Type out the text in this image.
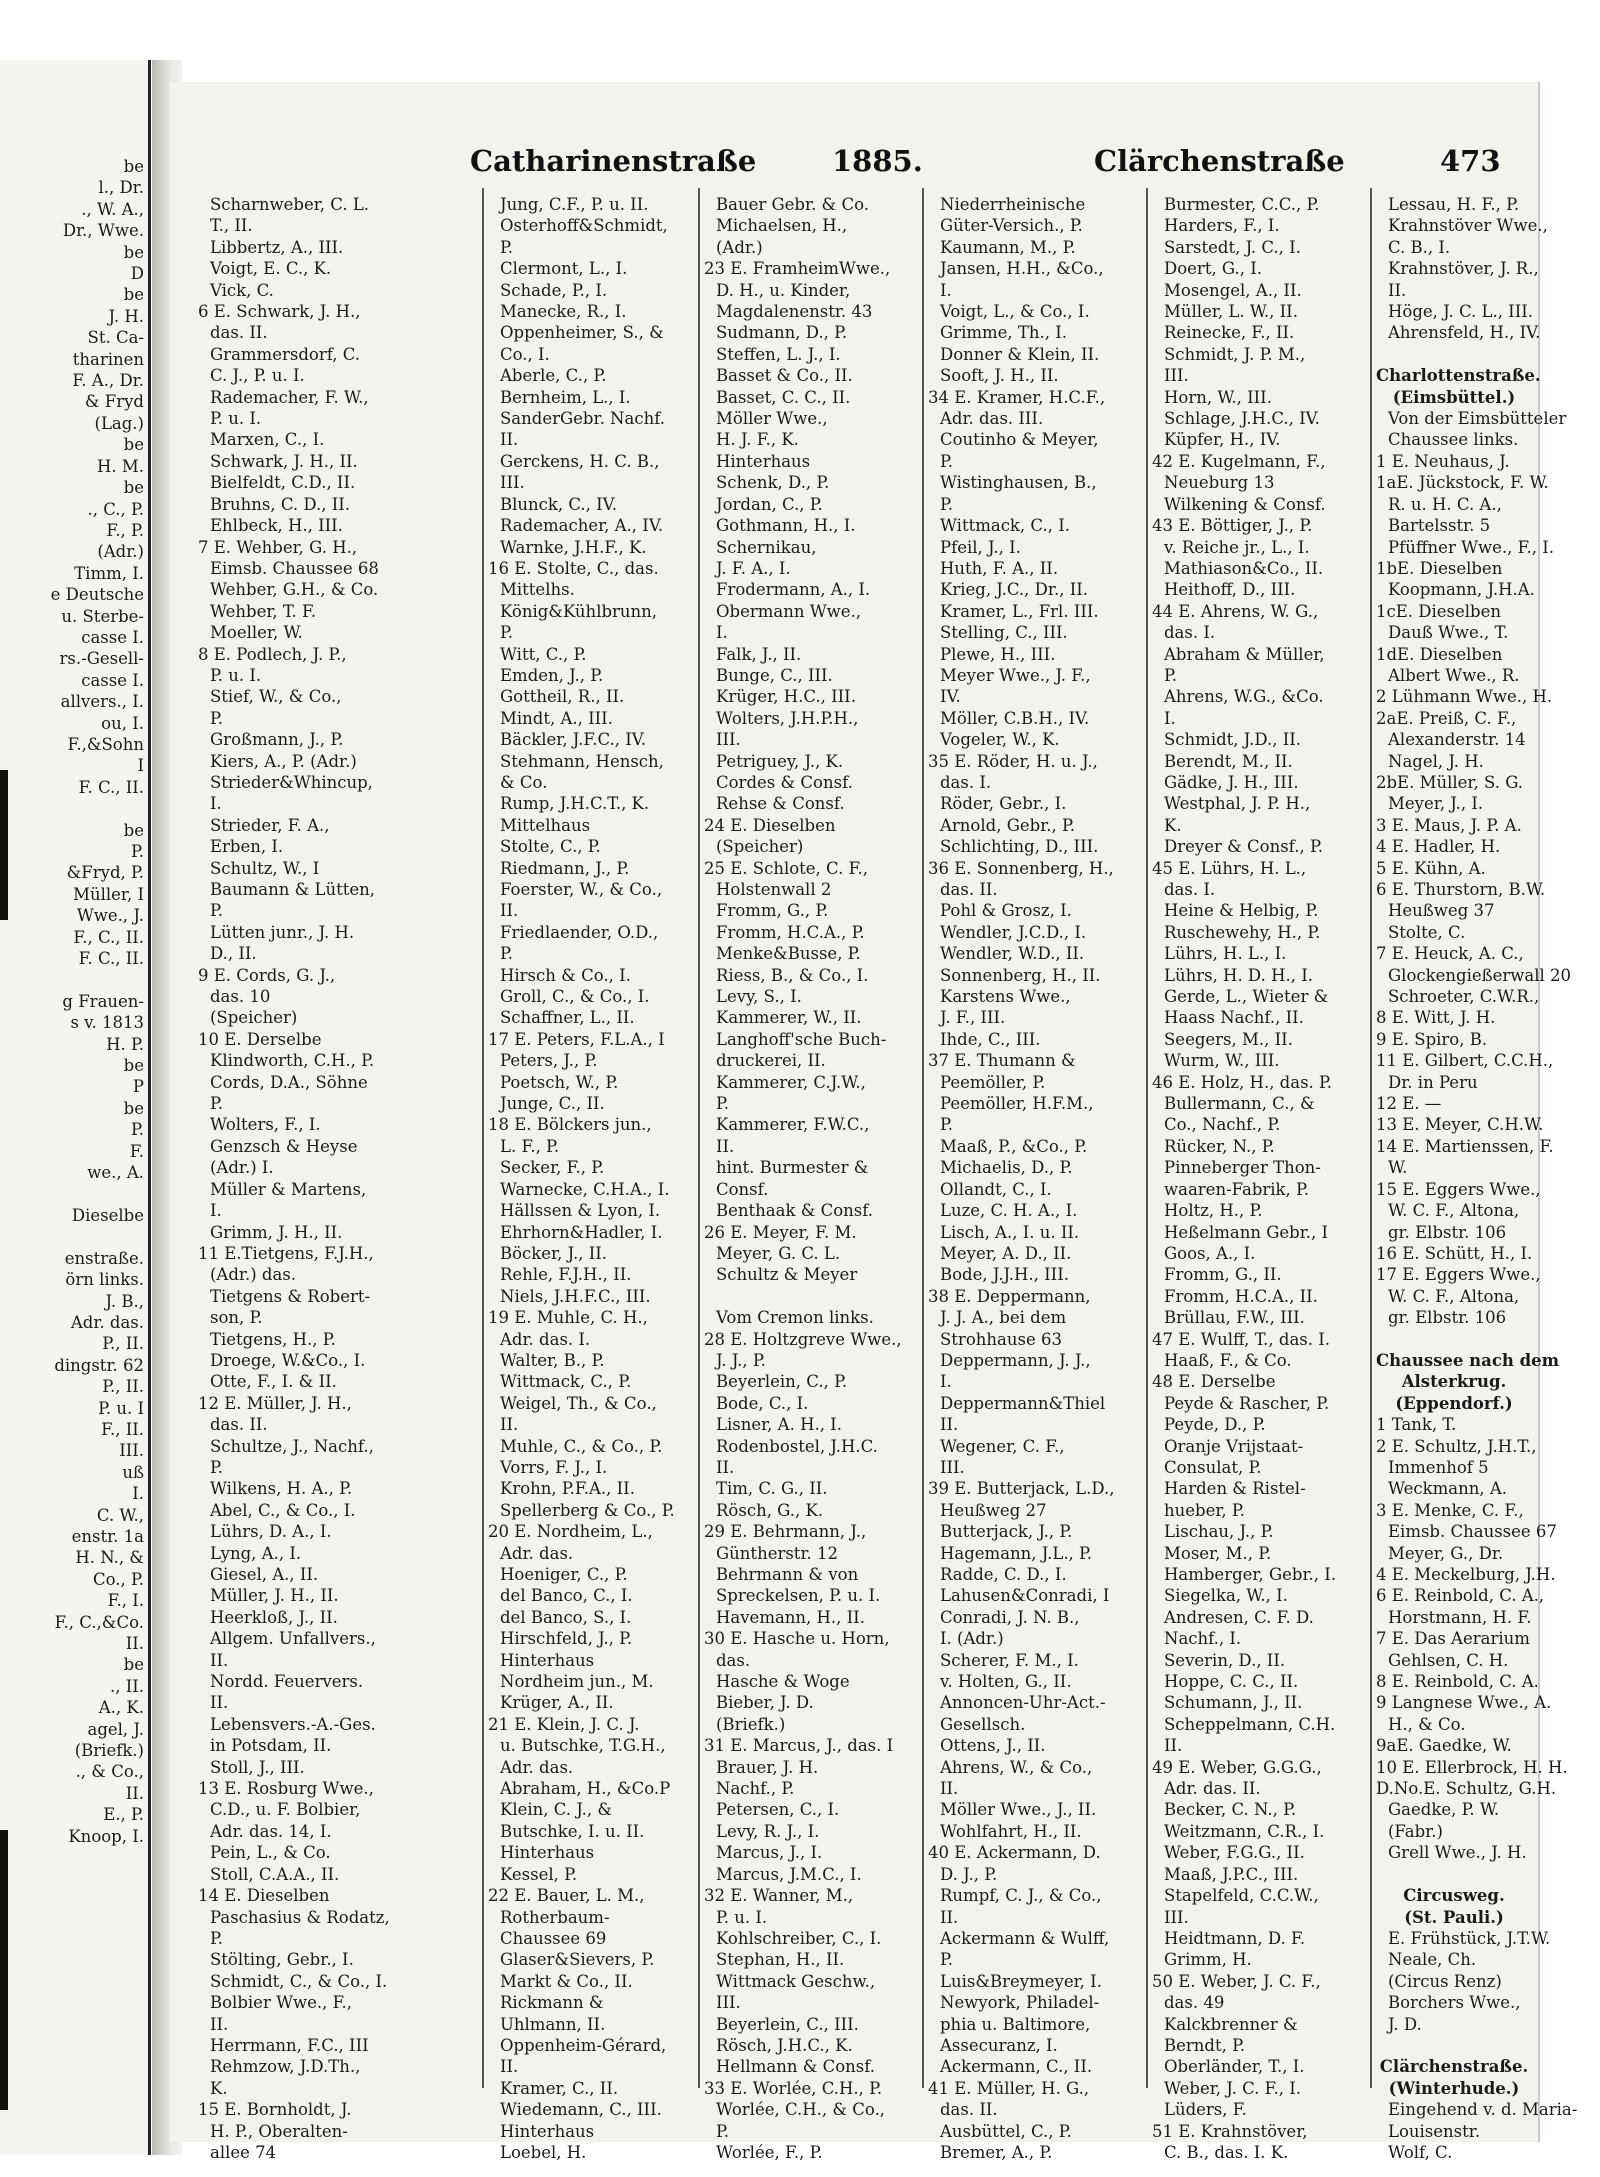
be
l., Dr.
., W. A.,
Dr., Wwe.
be
D
be
J. H.
St. Ca-
tharinen
F. A., Dr.
& Fryd
(Lag.)
be
H. M.
be
., C., P.
F., P.
(Adr.)
Timm, I.
e Deutsche
u. Sterbe-
casse I.
rs.-Gesell-
casse I.
allvers., I.
ou, I.
F.,&Sohn
I
F. C., II.

be
P.
&Fryd, P.
Müller, I
Wwe., J.
F., C., II.
F. C., II.

g Frauen-
s v. 1813
H. P.
be
P
be
P.
F.
we., A.

Dieselbe

enstraße.
örn links.
J. B.,
Adr. das.
P., II.
dingstr. 62
P., II.
P. u. I
F., II.
III.
uß
I.
C. W.,
enstr. 1a
H. N., &
Co., P.
F., I.
F., C.,&Co.
II.
be
., II.
A., K.
agel, J.
(Briefk.)
., & Co.,
II.
E., P.
Knoop, I.
Catharinenstraße	1885.	Clärchenstraße	473
Scharnweber, C. L.
T., II.
Libbertz, A., III.
Voigt, E. C., K.
Vick, C.
6 E. Schwark, J. H.,
das. II.
Grammersdorf, C.
C. J., P. u. I.
Rademacher, F. W.,
P. u. I.
Marxen, C., I.
Schwark, J. H., II.
Bielfeldt, C.D., II.
Bruhns, C. D., II.
Ehlbeck, H., III.
7 E. Wehber, G. H.,
Eimsb. Chaussee 68
Wehber, G.H., & Co.
Wehber, T. F.
Moeller, W.
8 E. Podlech, J. P.,
P. u. I.
Stief, W., & Co.,
P.
Großmann, J., P.
Kiers, A., P. (Adr.)
Strieder&Whincup,
I.
Strieder, F. A.,
Erben, I.
Schultz, W., I
Baumann & Lütten,
P.
Lütten junr., J. H.
D., II.
9 E. Cords, G. J.,
das. 10
(Speicher)
10 E. Derselbe
Klindworth, C.H., P.
Cords, D.A., Söhne
P.
Wolters, F., I.
Genzsch & Heyse
(Adr.) I.
Müller & Martens,
I.
Grimm, J. H., II.
11 E.Tietgens, F.J.H.,
(Adr.) das.
Tietgens & Robert-
son, P.
Tietgens, H., P.
Droege, W.&Co., I.
Otte, F., I. & II.
12 E. Müller, J. H.,
das. II.
Schultze, J., Nachf.,
P.
Wilkens, H. A., P.
Abel, C., & Co., I.
Lührs, D. A., I.
Lyng, A., I.
Giesel, A., II.
Müller, J. H., II.
Heerkloß, J., II.
Allgem. Unfallvers.,
II.
Nordd. Feuervers.
II.
Lebensvers.-A.-Ges.
in Potsdam, II.
Stoll, J., III.
13 E. Rosburg Wwe.,
C.D., u. F. Bolbier,
Adr. das. 14, I.
Pein, L., & Co.
Stoll, C.A.A., II.
14 E. Dieselben
Paschasius & Rodatz,
P.
Stölting, Gebr., I.
Schmidt, C., & Co., I.
Bolbier Wwe., F.,
II.
Herrmann, F.C., III
Rehmzow, J.D.Th.,
K.
15 E. Bornholdt, J.
H. P., Oberalten-
allee 74
Jung, C.F., P. u. II.
Osterhoff&Schmidt,
P.
Clermont, L., I.
Schade, P., I.
Manecke, R., I.
Oppenheimer, S., &
Co., I.
Aberle, C., P.
Bernheim, L., I.
SanderGebr. Nachf.
II.
Gerckens, H. C. B.,
III.
Blunck, C., IV.
Rademacher, A., IV.
Warnke, J.H.F., K.
16 E. Stolte, C., das.
Mittelhs.
König&Kühlbrunn,
P.
Witt, C., P.
Emden, J., P.
Gottheil, R., II.
Mindt, A., III.
Bäckler, J.F.C., IV.
Stehmann, Hensch,
& Co.
Rump, J.H.C.T., K.
Mittelhaus
Stolte, C., P.
Riedmann, J., P.
Foerster, W., & Co.,
II.
Friedlaender, O.D.,
P.
Hirsch & Co., I.
Groll, C., & Co., I.
Schaffner, L., II.
17 E. Peters, F.L.A., I
Peters, J., P.
Poetsch, W., P.
Junge, C., II.
18 E. Bölckers jun.,
L. F., P.
Secker, F., P.
Warnecke, C.H.A., I.
Hällssen & Lyon, I.
Ehrhorn&Hadler, I.
Böcker, J., II.
Rehle, F.J.H., II.
Niels, J.H.F.C., III.
19 E. Muhle, C. H.,
Adr. das. I.
Walter, B., P.
Wittmack, C., P.
Weigel, Th., & Co.,
II.
Muhle, C., & Co., P.
Vorrs, F. J., I.
Krohn, P.F.A., II.
Spellerberg & Co., P.
20 E. Nordheim, L.,
Adr. das.
Hoeniger, C., P.
del Banco, C., I.
del Banco, S., I.
Hirschfeld, J., P.
Hinterhaus
Nordheim jun., M.
Krüger, A., II.
21 E. Klein, J. C. J.
u. Butschke, T.G.H.,
Adr. das.
Abraham, H., &Co.P
Klein, C. J., &
Butschke, I. u. II.
Hinterhaus
Kessel, P.
22 E. Bauer, L. M.,
Rotherbaum-
Chaussee 69
Glaser&Sievers, P.
Markt & Co., II.
Rickmann &
Uhlmann, II.
Oppenheim-Gérard,
II.
Kramer, C., II.
Wiedemann, C., III.
Hinterhaus
Loebel, H.
Bauer Gebr. & Co.
Michaelsen, H.,
(Adr.)
23 E. FramheimWwe.,
D. H., u. Kinder,
Magdalenenstr. 43
Sudmann, D., P.
Steffen, L. J., I.
Basset & Co., II.
Basset, C. C., II.
Möller Wwe.,
H. J. F., K.
Hinterhaus
Schenk, D., P.
Jordan, C., P.
Gothmann, H., I.
Schernikau,
J. F. A., I.
Frodermann, A., I.
Obermann Wwe.,
I.
Falk, J., II.
Bunge, C., III.
Krüger, H.C., III.
Wolters, J.H.P.H.,
III.
Petriguey, J., K.
Cordes & Consf.
Rehse & Consf.
24 E. Dieselben
(Speicher)
25 E. Schlote, C. F.,
Holstenwall 2
Fromm, G., P.
Fromm, H.C.A., P.
Menke&Busse, P.
Riess, B., & Co., I.
Levy, S., I.
Kammerer, W., II.
Langhoff'sche Buch-
druckerei, II.
Kammerer, C.J.W.,
P.
Kammerer, F.W.C.,
II.
hint. Burmester &
Consf.
Benthaak & Consf.
26 E. Meyer, F. M.
Meyer, G. C. L.
Schultz & Meyer

Vom Cremon links.
28 E. Holtzgreve Wwe.,
J. J., P.
Beyerlein, C., P.
Bode, C., I.
Lisner, A. H., I.
Rodenbostel, J.H.C.
II.
Tim, C. G., II.
Rösch, G., K.
29 E. Behrmann, J.,
Güntherstr. 12
Behrmann & von
Spreckelsen, P. u. I.
Havemann, H., II.
30 E. Hasche u. Horn,
das.
Hasche & Woge
Bieber, J. D.
(Briefk.)
31 E. Marcus, J., das. I
Brauer, J. H.
Nachf., P.
Petersen, C., I.
Levy, R. J., I.
Marcus, J., I.
Marcus, J.M.C., I.
32 E. Wanner, M.,
P. u. I.
Kohlschreiber, C., I.
Stephan, H., II.
Wittmack Geschw.,
III.
Beyerlein, C., III.
Rösch, J.H.C., K.
Hellmann & Consf.
33 E. Worlée, C.H., P.
Worlée, C.H., & Co.,
P.
Worlée, F., P.
Niederrheinische
Güter-Versich., P.
Kaumann, M., P.
Jansen, H.H., &Co.,
I.
Voigt, L., & Co., I.
Grimme, Th., I.
Donner & Klein, II.
Sooft, J. H., II.
34 E. Kramer, H.C.F.,
Adr. das. III.
Coutinho & Meyer,
P.
Wistinghausen, B.,
P.
Wittmack, C., I.
Pfeil, J., I.
Huth, F. A., II.
Krieg, J.C., Dr., II.
Kramer, L., Frl. III.
Stelling, C., III.
Plewe, H., III.
Meyer Wwe., J. F.,
IV.
Möller, C.B.H., IV.
Vogeler, W., K.
35 E. Röder, H. u. J.,
das. I.
Röder, Gebr., I.
Arnold, Gebr., P.
Schlichting, D., III.
36 E. Sonnenberg, H.,
das. II.
Pohl & Grosz, I.
Wendler, J.C.D., I.
Wendler, W.D., II.
Sonnenberg, H., II.
Karstens Wwe.,
J. F., III.
Ihde, C., III.
37 E. Thumann &
Peemöller, P.
Peemöller, H.F.M.,
P.
Maaß, P., &Co., P.
Michaelis, D., P.
Ollandt, C., I.
Luze, C. H. A., I.
Lisch, A., I. u. II.
Meyer, A. D., II.
Bode, J.J.H., III.
38 E. Deppermann,
J. J. A., bei dem
Strohhause 63
Deppermann, J. J.,
I.
Deppermann&Thiel
II.
Wegener, C. F.,
III.
39 E. Butterjack, L.D.,
Heußweg 27
Butterjack, J., P.
Hagemann, J.L., P.
Radde, C. D., I.
Lahusen&Conradi, I
Conradi, J. N. B.,
I. (Adr.)
Scherer, F. M., I.
v. Holten, G., II.
Annoncen-Uhr-Act.-
Gesellsch.
Ottens, J., II.
Ahrens, W., & Co.,
II.
Möller Wwe., J., II.
Wohlfahrt, H., II.
40 E. Ackermann, D.
D. J., P.
Rumpf, C. J., & Co.,
II.
Ackermann & Wulff,
P.
Luis&Breymeyer, I.
Newyork, Philadel-
phia u. Baltimore,
Assecuranz, I.
Ackermann, C., II.
41 E. Müller, H. G.,
das. II.
Ausbüttel, C., P.
Bremer, A., P.
Burmester, C.C., P.
Harders, F., I.
Sarstedt, J. C., I.
Doert, G., I.
Mosengel, A., II.
Müller, L. W., II.
Reinecke, F., II.
Schmidt, J. P. M.,
III.
Horn, W., III.
Schlage, J.H.C., IV.
Küpfer, H., IV.
42 E. Kugelmann, F.,
Neueburg 13
Wilkening & Consf.
43 E. Böttiger, J., P.
v. Reiche jr., L., I.
Mathiason&Co., II.
Heithoff, D., III.
44 E. Ahrens, W. G.,
das. I.
Abraham & Müller,
P.
Ahrens, W.G., &Co.
I.
Schmidt, J.D., II.
Berendt, M., II.
Gädke, J. H., III.
Westphal, J. P. H.,
K.
Dreyer & Consf., P.
45 E. Lührs, H. L.,
das. I.
Heine & Helbig, P.
Ruschewehy, H., P.
Lührs, H. L., I.
Lührs, H. D. H., I.
Gerde, L., Wieter &
Haass Nachf., II.
Seegers, M., II.
Wurm, W., III.
46 E. Holz, H., das. P.
Bullermann, C., &
Co., Nachf., P.
Rücker, N., P.
Pinneberger Thon-
waaren-Fabrik, P.
Holtz, H., P.
Heßelmann Gebr., I
Goos, A., I.
Fromm, G., II.
Fromm, H.C.A., II.
Brüllau, F.W., III.
47 E. Wulff, T., das. I.
Haaß, F., & Co.
48 E. Derselbe
Peyde & Rascher, P.
Peyde, D., P.
Oranje Vrijstaat-
Consulat, P.
Harden & Ristel-
hueber, P.
Lischau, J., P.
Moser, M., P.
Hamberger, Gebr., I.
Siegelka, W., I.
Andresen, C. F. D.
Nachf., I.
Severin, D., II.
Hoppe, C. C., II.
Schumann, J., II.
Scheppelmann, C.H.
II.
49 E. Weber, G.G.G.,
Adr. das. II.
Becker, C. N., P.
Weitzmann, C.R., I.
Weber, F.G.G., II.
Maaß, J.P.C., III.
Stapelfeld, C.C.W.,
III.
Heidtmann, D. F.
Grimm, H.
50 E. Weber, J. C. F.,
das. 49
Kalckbrenner &
Berndt, P.
Oberländer, T., I.
Weber, J. C. F., I.
Lüders, F.
51 E. Krahnstöver,
C. B., das. I. K.
Lessau, H. F., P.
Krahnstöver Wwe.,
C. B., I.
Krahnstöver, J. R.,
II.
Höge, J. C. L., III.
Ahrensfeld, H., IV.

Charlottenstraße.
(Eimsbüttel.)
Von der Eimsbütteler
Chaussee links.
1 E. Neuhaus, J.
1aE. Jückstock, F. W.
R. u. H. C. A.,
Bartelsstr. 5
Pfüffner Wwe., F., I.
1bE. Dieselben
Koopmann, J.H.A.
1cE. Dieselben
Dauß Wwe., T.
1dE. Dieselben
Albert Wwe., R.
2 Lühmann Wwe., H.
2aE. Preiß, C. F.,
Alexanderstr. 14
Nagel, J. H.
2bE. Müller, S. G.
Meyer, J., I.
3 E. Maus, J. P. A.
4 E. Hadler, H.
5 E. Kühn, A.
6 E. Thurstorn, B.W.
Heußweg 37
Stolte, C.
7 E. Heuck, A. C.,
Glockengießerwall 20
Schroeter, C.W.R.,
8 E. Witt, J. H.
9 E. Spiro, B.
11 E. Gilbert, C.C.H.,
Dr. in Peru
12 E. —
13 E. Meyer, C.H.W.
14 E. Martienssen, F.
W.
15 E. Eggers Wwe.,
W. C. F., Altona,
gr. Elbstr. 106
16 E. Schütt, H., I.
17 E. Eggers Wwe.,
W. C. F., Altona,
gr. Elbstr. 106

Chaussee nach dem
Alsterkrug.
(Eppendorf.)
1 Tank, T.
2 E. Schultz, J.H.T.,
Immenhof 5
Weckmann, A.
3 E. Menke, C. F.,
Eimsb. Chaussee 67
Meyer, G., Dr.
4 E. Meckelburg, J.H.
6 E. Reinbold, C. A.,
Horstmann, H. F.
7 E. Das Aerarium
Gehlsen, C. H.
8 E. Reinbold, C. A.
9 Langnese Wwe., A.
H., & Co.
9aE. Gaedke, W.
10 E. Ellerbrock, H. H.
D.No.E. Schultz, G.H.
Gaedke, P. W.
(Fabr.)
Grell Wwe., J. H.

Circusweg.
(St. Pauli.)
E. Frühstück, J.T.W.
Neale, Ch.
(Circus Renz)
Borchers Wwe.,
J. D.

Clärchenstraße.
(Winterhude.)
Eingehend v. d. Maria-
Louisenstr.
Wolf, C.
